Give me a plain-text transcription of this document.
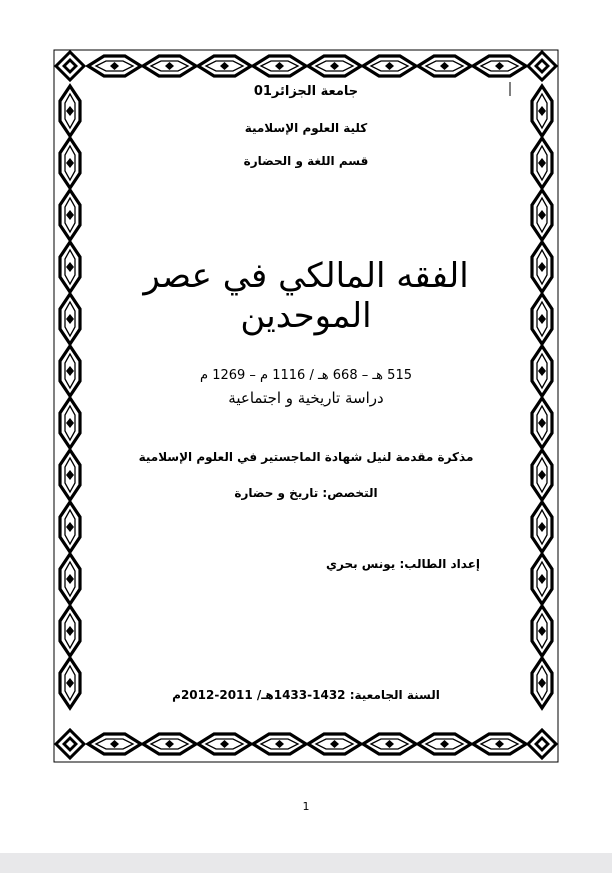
جامعة الجزائر01
كلية العلوم الإسلامية
قسم اللغة و الحضارة
الفقه المالكي في عصر
الموحدين
515 هـ – 668 هـ / 1116 م – 1269 م
دراسة تاريخية و اجتماعية
مذكرة مقدمة لنيل شهادة الماجستير في العلوم الإسلامية
التخصص: تاريخ و حضارة
إعداد الطالب: يونس بحري
السنة الجامعية: 1432-1433هـ/ 2011-2012م
1
